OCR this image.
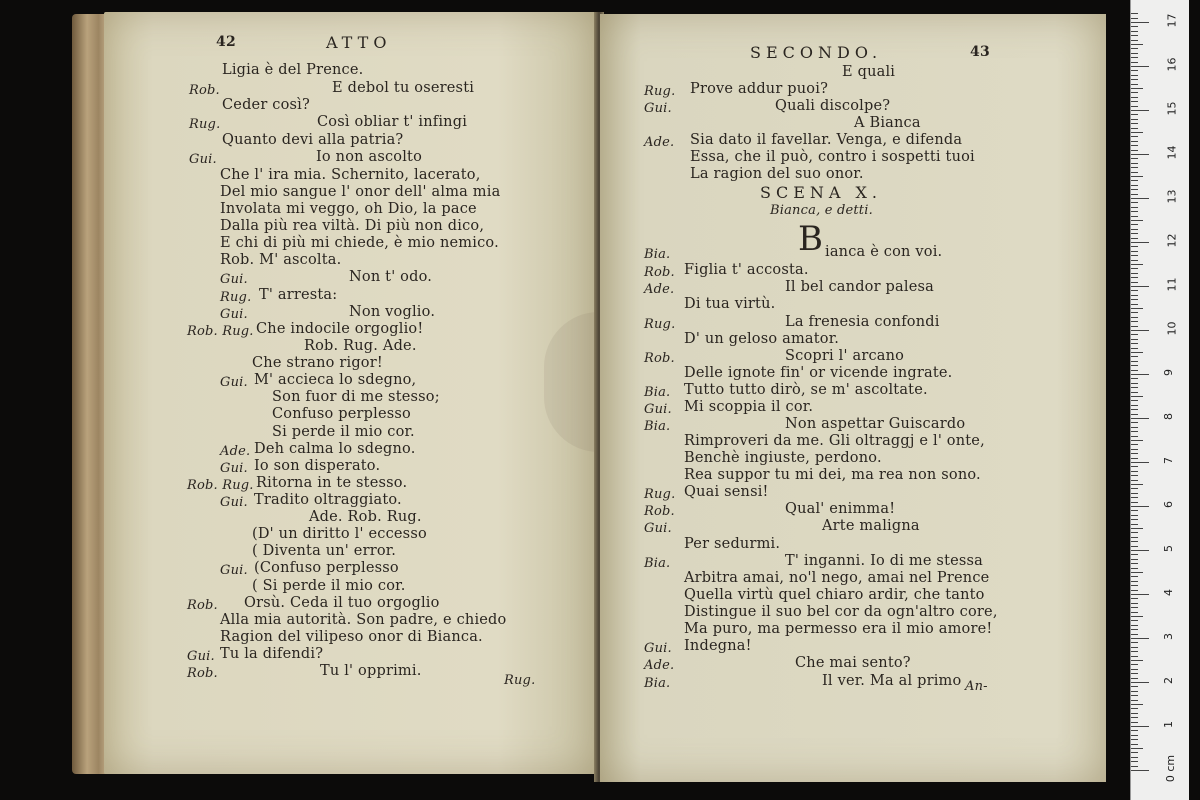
42	ATTO
Ligia è del Prence.
Rob.	E debol tu oseresti
Ceder così?
Rug.	Così obliar t' infingi
Quanto devi alla patria?
Gui.	Io non ascolto
Che l' ira mia. Schernito, lacerato,
Del mio sangue l' onor dell' alma mia
Involata mi veggo, oh Dio, la pace
Dalla più rea viltà. Di più non dico,
E chi di più mi chiede, è mio nemico.
Rob. M' ascolta.
Gui.	Non t' odo.
Rug. T' arresta:
Gui.	Non voglio.
Rob. Rug. Che indocile orgoglio!
Rob. Rug. Ade.
Che strano rigor!
Gui. M' accieca lo sdegno,
Son fuor di me stesso;
Confuso perplesso
Si perde il mio cor.
Ade. Deh calma lo sdegno.
Gui. Io son disperato.
Rob. Rug. Ritorna in te stesso.
Gui. Tradito oltraggiato.
Ade. Rob. Rug.
(D' un diritto l' eccesso
( Diventa un' error.
Gui. (Confuso perplesso
( Si perde il mio cor.
Rob. Orsù. Ceda il tuo orgoglio
Alla mia autorità. Son padre, e chiedo
Ragion del vilipeso onor di Bianca.
Gui. Tu la difendi?
Rob.	Tu l' opprimi.
Rug.
SECONDO.	43
E quali
Rug. Prove addur puoi?
Gui.	Quali discolpe?
A Bianca
Ade. Sia dato il favellar. Venga, e difenda
Essa, che il può, contro i sospetti tuoi
La ragion del suo onor.
SCENA X.
Bianca, e detti.
Bia.	B ianca è con voi.
Rob. Figlia t' accosta.
Ade.	Il bel candor palesa
Di tua virtù.
Rug.	La frenesia confondi
D' un geloso amator.
Rob.	Scopri l' arcano
Delle ignote fin' or vicende ingrate.
Bia. Tutto tutto dirò, se m' ascoltate.
Gui. Mi scoppia il cor.
Bia.	Non aspettar Guiscardo
Rimproveri da me. Gli oltraggj e l' onte,
Benchè ingiuste, perdono.
Rea suppor tu mi dei, ma rea non sono.
Rug. Quai sensi!
Rob.	Qual' enimma!
Gui.	Arte maligna
Per sedurmi.
Bia.	T' inganni. Io di me stessa
Arbitra amai, no'l nego, amai nel Prence
Quella virtù quel chiaro ardir, che tanto
Distingue il suo bel cor da ogn'altro core,
Ma puro, ma permesso era il mio amore!
Gui. Indegna!
Ade.	Che mai sento?
Bia.	Il ver. Ma al primo An-
0 cm
1
2
3
4
5
6
7
8
9
10
11
12
13
14
15
16
17
